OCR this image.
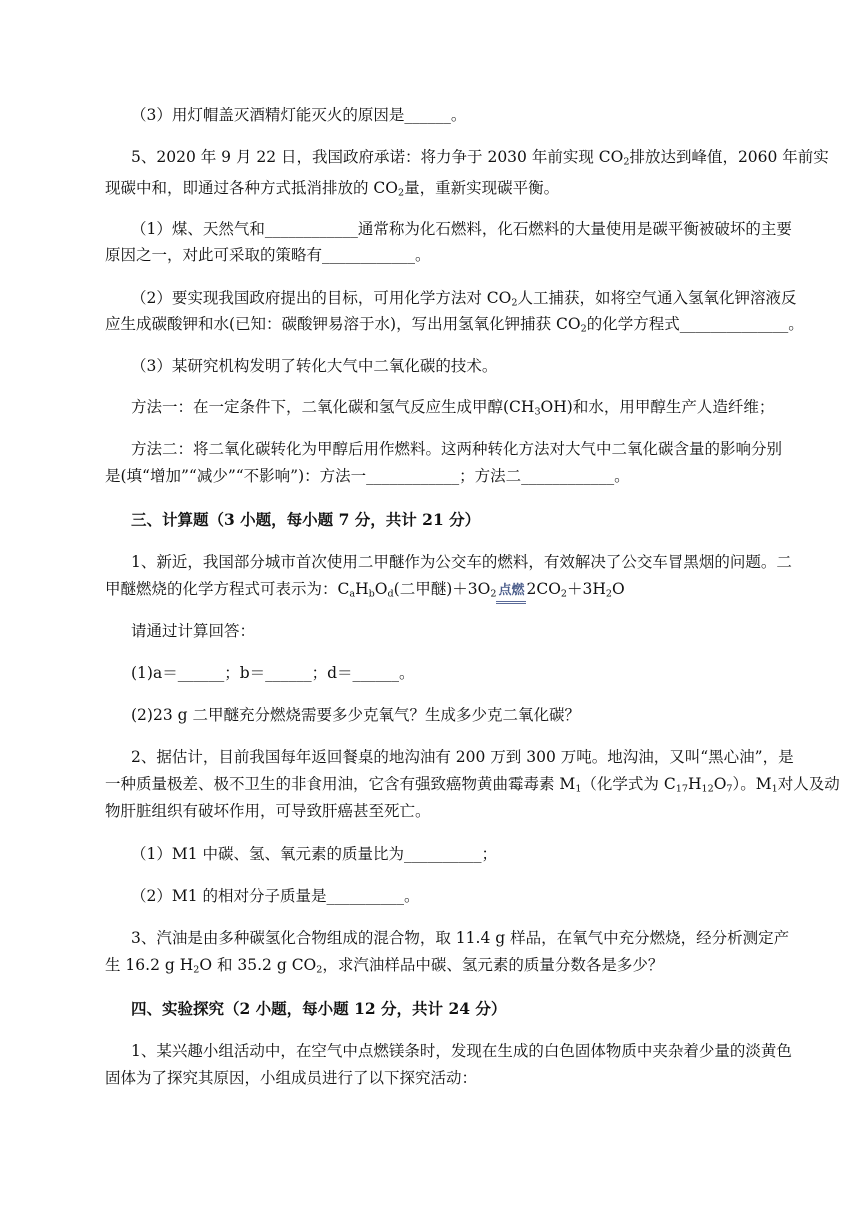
（3）用灯帽盖灭酒精灯能灭火的原因是______。
5、2020 年 9 月 22 日，我国政府承诺：将力争于 2030 年前实现 $CO_2$排放达到峰值，2060 年前实
现碳中和，即通过各种方式抵消排放的 $CO_2$量，重新实现碳平衡。
（1）煤、天然气和____________通常称为化石燃料，化石燃料的大量使用是碳平衡被破坏的主要
原因之一，对此可采取的策略有____________。
（2）要实现我国政府提出的目标，可用化学方法对 $CO_2$人工捕获，如将空气通入氢氧化钾溶液反
应生成碳酸钾和水(已知：碳酸钾易溶于水)，写出用氢氧化钾捕获 $CO_2$的化学方程式______________。
（3）某研究机构发明了转化大气中二氧化碳的技术。
方法一：在一定条件下，二氧化碳和氢气反应生成甲醇$(CH_3OH)$和水，用甲醇生产人造纤维；
方法二：将二氧化碳转化为甲醇后用作燃料。这两种转化方法对大气中二氧化碳含量的影响分别
是(填“增加”“减少”“不影响”)：方法一____________；方法二____________。
三、计算题（3 小题，每小题 7 分，共计 21 分）
1、新近，我国部分城市首次使用二甲醚作为公交车的燃料，有效解决了公交车冒黑烟的问题。二
甲醚燃烧的化学方程式可表示为：$C_aH_bO_d$(二甲醚)$+3O_2$ 点燃 $2CO_2+3H_2O$
请通过计算回答：
(1)a＝______；b＝______；d＝______。
(2)23 g 二甲醚充分燃烧需要多少克氧气？生成多少克二氧化碳？
2、据估计，目前我国每年返回餐桌的地沟油有 200 万到 300 万吨。地沟油，又叫“黑心油”，是
一种质量极差、极不卫生的非食用油，它含有强致癌物黄曲霉毒素 $M_1$（化学式为 $C_{17}H_{12}O_7$）。$M_1$对人及动
物肝脏组织有破坏作用，可导致肝癌甚至死亡。
（1）M1 中碳、氢、氧元素的质量比为__________；
（2）M1 的相对分子质量是__________。
3、汽油是由多种碳氢化合物组成的混合物，取 11.4 g 样品，在氧气中充分燃烧，经分析测定产
生 16.2 g $H_2O$ 和 35.2 g $CO_2$，求汽油样品中碳、氢元素的质量分数各是多少？
四、实验探究（2 小题，每小题 12 分，共计 24 分）
1、某兴趣小组活动中，在空气中点燃镁条时，发现在生成的白色固体物质中夹杂着少量的淡黄色
固体为了探究其原因，小组成员进行了以下探究活动：
